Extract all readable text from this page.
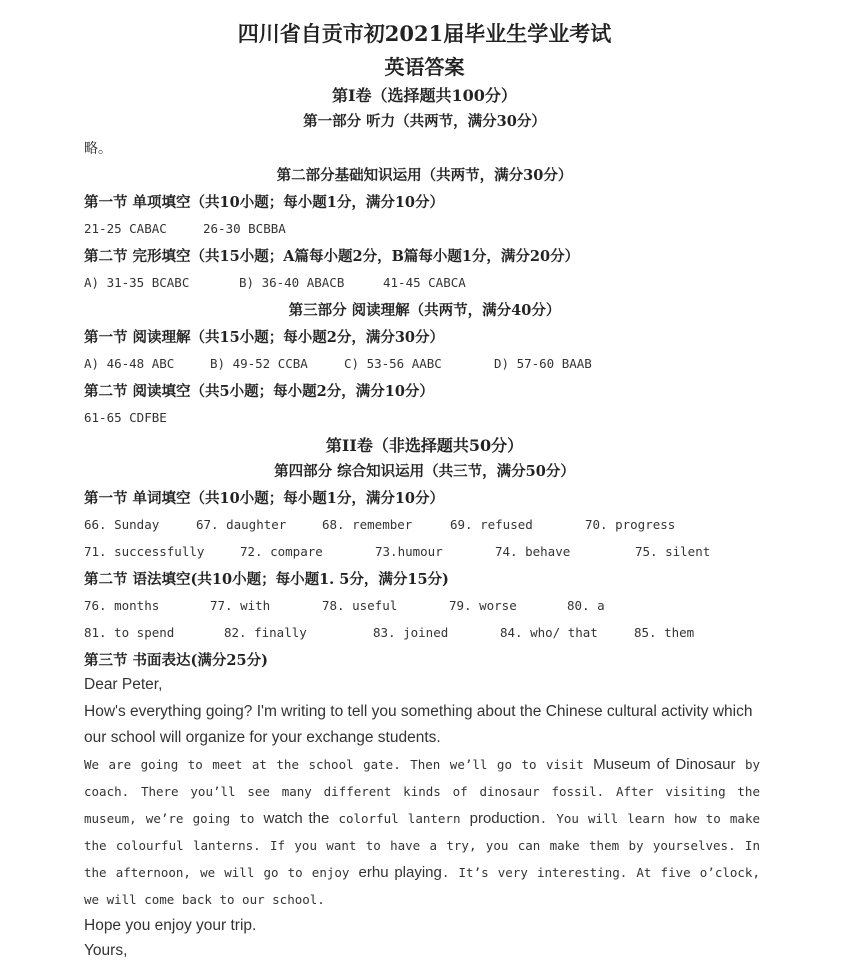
四川省自贡市初2021届毕业生学业考试
英语答案
第I卷（选择题共100分）
第一部分 听力（共两节，满分30分）
略。
第二部分基础知识运用（共两节，满分30分）
第一节 单项填空（共10小题；每小题1分，满分10分）
21-25 CABAC	26-30 BCBBA
第二节 完形填空（共15小题；A篇每小题2分，B篇每小题1分，满分20分）
A) 31-35 BCABC	B) 36-40 ABACB	41-45 CABCA
第三部分 阅读理解（共两节，满分40分）
第一节 阅读理解（共15小题；每小题2分，满分30分）
A) 46-48 ABC	B) 49-52 CCBA	C) 53-56 AABC	D) 57-60 BAAB
第二节 阅读填空（共5小题；每小题2分，满分10分）
61-65 CDFBE
第II卷（非选择题共50分）
第四部分 综合知识运用（共三节，满分50分）
第一节 单词填空（共10小题；每小题1分，满分10分）
66. Sunday	67. daughter	68. remember	69. refused	70. progress
71. successfully	72. compare	73.humour	74. behave	75. silent
第二节 语法填空(共10小题；每小题1. 5分，满分15分)
76. months	77. with	78. useful	79. worse	80. a
81. to spend	82. finally	83. joined	84. who/ that	85. them
第三节 书面表达(满分25分)
Dear Peter,
How's everything going? I'm writing to tell you something about the Chinese cultural activity which our school will organize for your exchange students.
We are going to meet at the school gate. Then we’ll go to visit Museum of Dinosaur by coach. There you’ll see many different kinds of dinosaur fossil. After visiting the museum, we’re going to watch the colorful lantern production. You will learn how to make the colourful lanterns. If you want to have a try, you can make them by yourselves. In the afternoon, we will go to enjoy erhu playing. It’s very interesting. At five o’clock, we will come back to our school.
Hope you enjoy your trip.
Yours,
